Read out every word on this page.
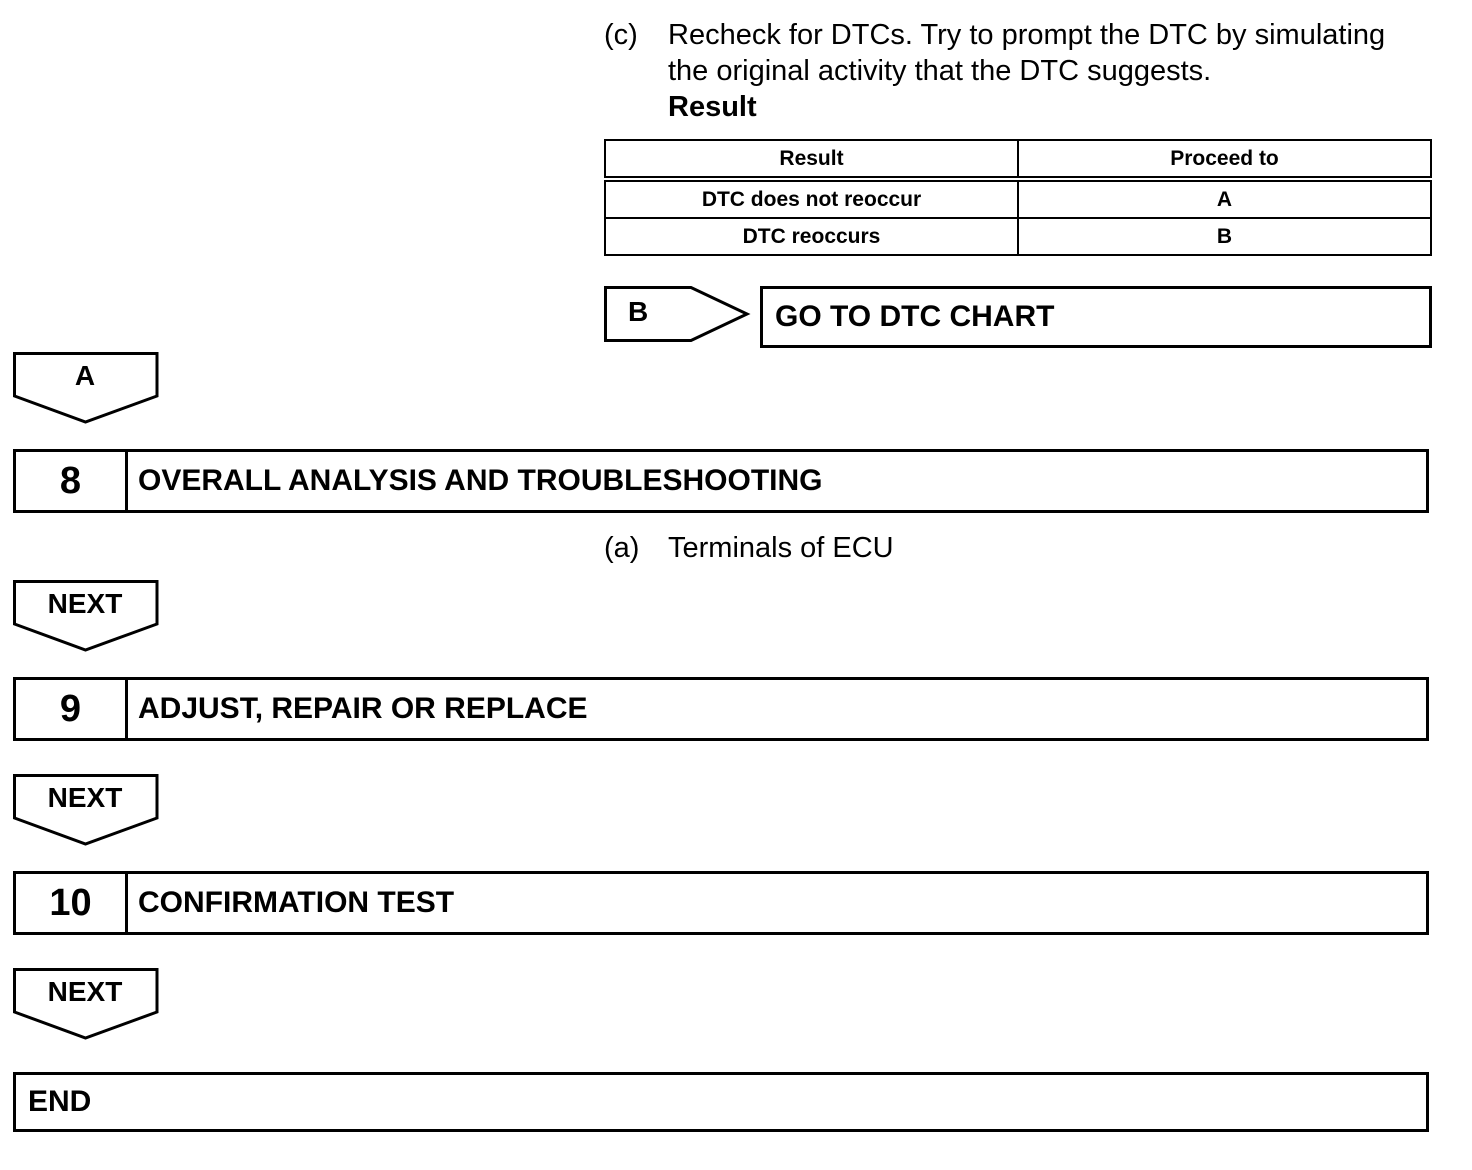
(c) Recheck for DTCs. Try to prompt the DTC by simulating
the original activity that the DTC suggests.
Result
Result	Proceed to
DTC does not reoccur	A
DTC reoccurs	B
B	GO TO DTC CHART
A
8	OVERALL ANALYSIS AND TROUBLESHOOTING
(a) Terminals of ECU
NEXT
9	ADJUST, REPAIR OR REPLACE
NEXT
10	CONFIRMATION TEST
NEXT
END
